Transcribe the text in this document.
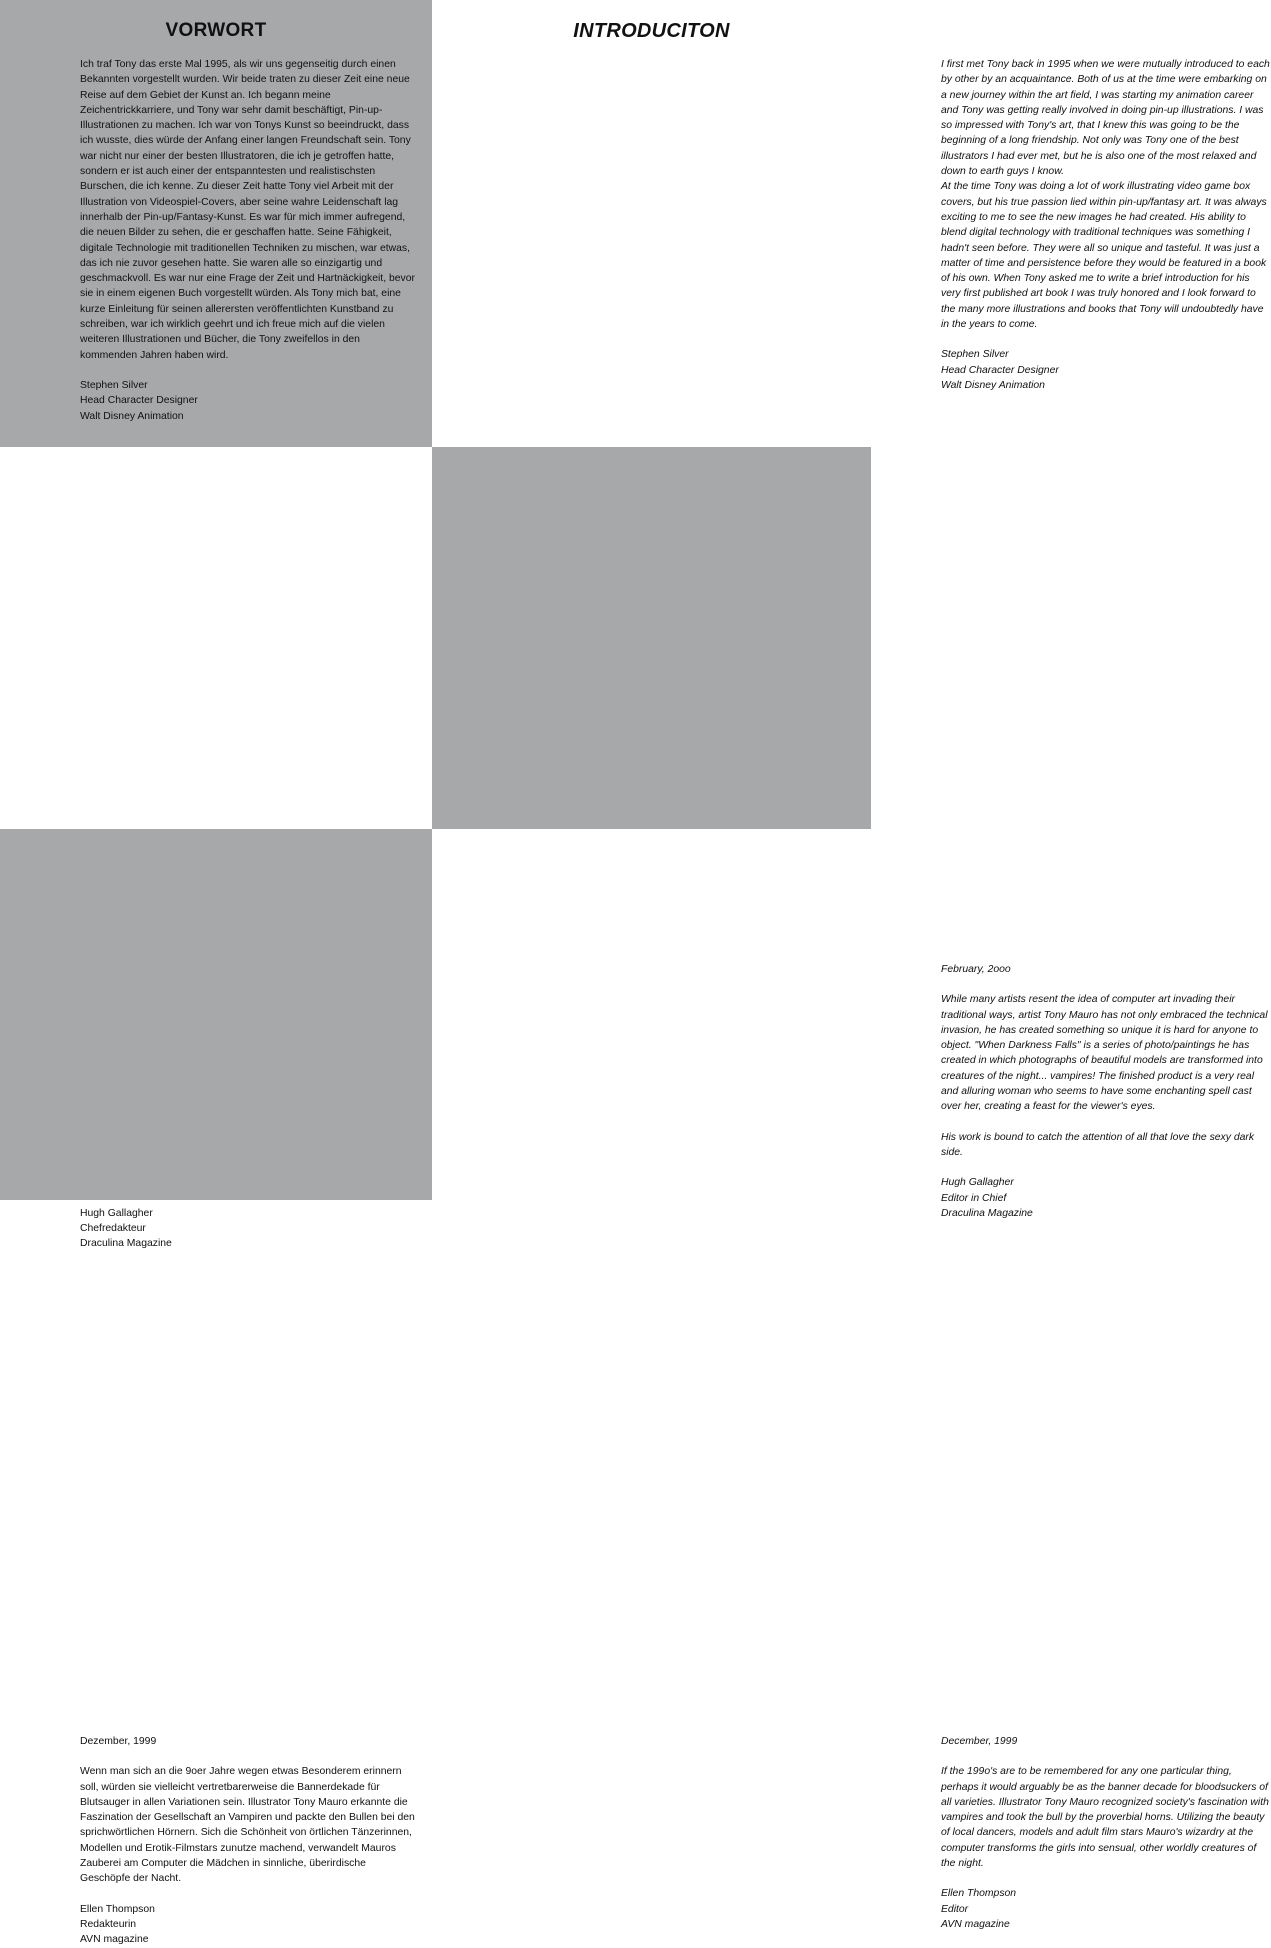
VORWORT

Ich traf Tony das erste Mal 1995, als wir uns gegenseitig durch einen Bekannten vorgestellt wurden. Wir beide traten zu dieser Zeit eine neue Reise auf dem Gebiet der Kunst an. Ich begann meine Zeichentrickkarriere, und Tony war sehr damit beschäftigt, Pin-up-Illustrationen zu machen. Ich war von Tonys Kunst so beeindruckt, dass ich wusste, dies würde der Anfang einer langen Freundschaft sein. Tony war nicht nur einer der besten Illustratoren, die ich je getroffen hatte, sondern er ist auch einer der entspanntesten und realistischsten Burschen, die ich kenne. Zu dieser Zeit hatte Tony viel Arbeit mit der Illustration von Videospiel-Covers, aber seine wahre Leidenschaft lag innerhalb der Pin-up/Fantasy-Kunst. Es war für mich immer aufregend, die neuen Bilder zu sehen, die er geschaffen hatte. Seine Fähigkeit, digitale Technologie mit traditionellen Techniken zu mischen, war etwas, das ich nie zuvor gesehen hatte. Sie waren alle so einzigartig und geschmackvoll. Es war nur eine Frage der Zeit und Hartnäckigkeit, bevor sie in einem eigenen Buch vorgestellt würden. Als Tony mich bat, eine kurze Einleitung für seinen allerersten veröffentlichten Kunstband zu schreiben, war ich wirklich geehrt und ich freue mich auf die vielen weiteren Illustrationen und Bücher, die Tony zweifellos in den kommenden Jahren haben wird.

Stephen Silver

Head Character Designer

Walt Disney Animation

INTRODUCITON

I first met Tony back in 1995 when we were mutually introduced to each by other by an acquaintance. Both of us at the time were embarking on a new journey within the art field, I was starting my animation career and Tony was getting really involved in doing pin-up illustrations. I was so impressed with Tony's art, that I knew this was going to be the beginning of a long friendship. Not only was Tony one of the best illustrators I had ever met, but he is also one of the most relaxed and down to earth guys I know.

At the time Tony was doing a lot of work illustrating video game box covers, but his true passion lied within pin-up/fantasy art. It was always exciting to me to see the new images he had created. His ability to blend digital technology with traditional techniques was something I hadn't seen before. They were all so unique and tasteful. It was just a matter of time and persistence before they would be featured in a book of his own. When Tony asked me to write a brief introduction for his very first published art book I was truly honored and I look forward to the many more illustrations and books that Tony will undoubtedly have in the years to come.

Stephen Silver

Head Character Designer

Walt Disney Animation

Hugh Gallagher

Chefredakteur

Draculina Magazine

February, 2ooo

While many artists resent the idea of computer art invading their traditional ways, artist Tony Mauro has not only embraced the technical invasion, he has created something so unique it is hard for anyone to object. "When Darkness Falls" is a series of photo/paintings he has created in which photographs of beautiful models are transformed into creatures of the night... vampires! The finished product is a very real and alluring woman who seems to have some enchanting spell cast over her, creating a feast for the viewer's eyes.

His work is bound to catch the attention of all that love the sexy dark side.

Hugh Gallagher

Editor in Chief

Draculina Magazine

Dezember, 1999

Wenn man sich an die 9oer Jahre wegen etwas Besonderem erinnern soll, würden sie vielleicht vertretbarerweise die Bannerdekade für Blutsauger in allen Variationen sein. Illustrator Tony Mauro erkannte die Faszination der Gesellschaft an Vampiren und packte den Bullen bei den sprichwörtlichen Hörnern. Sich die Schönheit von örtlichen Tänzerinnen, Modellen und Erotik-Filmstars zunutze machend, verwandelt Mauros Zauberei am Computer die Mädchen in sinnliche, überirdische Geschöpfe der Nacht.

Ellen Thompson

Redakteurin

AVN magazine

December, 1999

If the 199o's are to be remembered for any one particular thing, perhaps it would arguably be as the banner decade for bloodsuckers of all varieties. Illustrator Tony Mauro recognized society's fascination with vampires and took the bull by the proverbial horns. Utilizing the beauty of local dancers, models and adult film stars Mauro's wizardry at the computer transforms the girls into sensual, other worldly creatures of the night.

Ellen Thompson

Editor

AVN magazine
